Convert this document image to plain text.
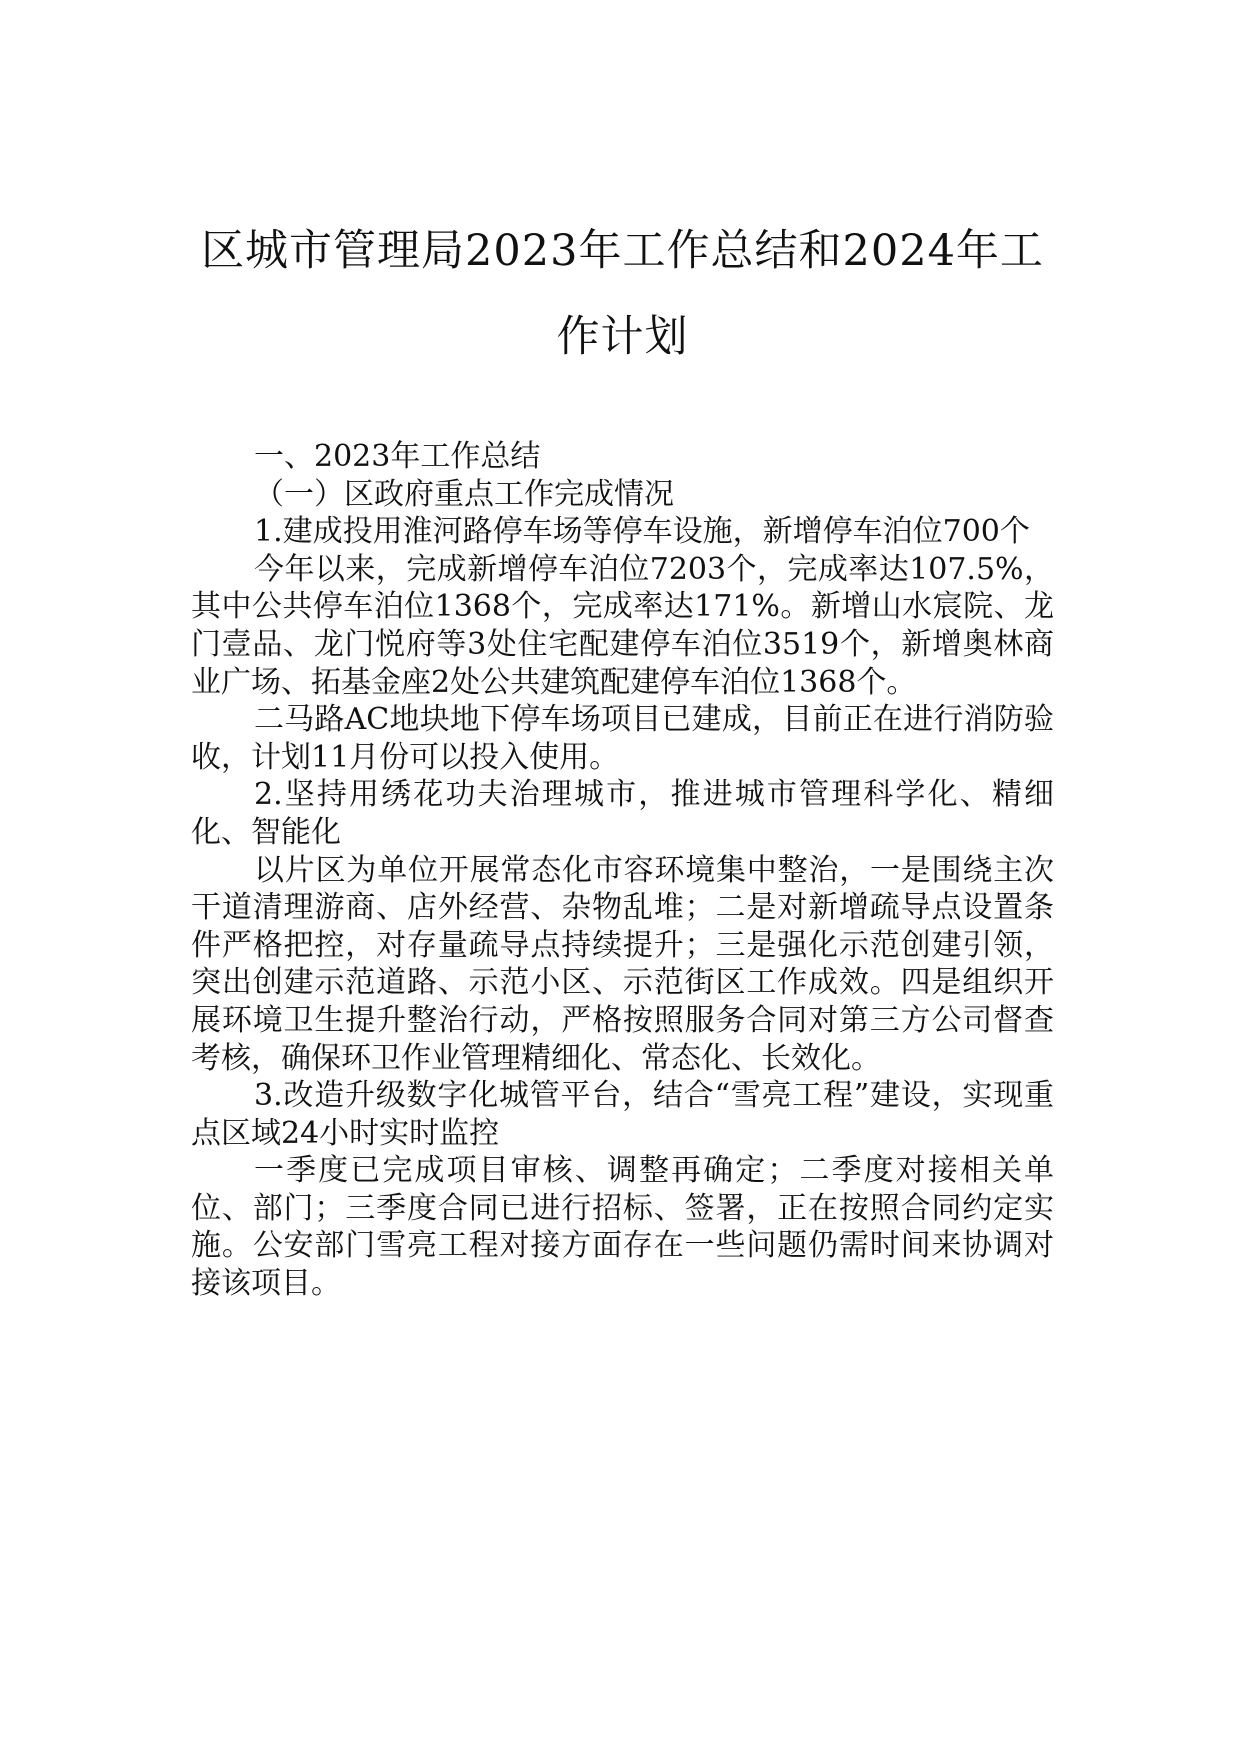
区城市管理局2023年工作总结和2024年工作计划

一、2023年工作总结

（一）区政府重点工作完成情况

1.建成投用淮河路停车场等停车设施，新增停车泊位700个

今年以来，完成新增停车泊位7203个，完成率达107.5%，其中公共停车泊位1368个，完成率达171%。新增山水宸院、龙门壹品、龙门悦府等3处住宅配建停车泊位3519个，新增奥林商业广场、拓基金座2处公共建筑配建停车泊位1368个。

二马路AC地块地下停车场项目已建成，目前正在进行消防验收，计划11月份可以投入使用。

2.坚持用绣花功夫治理城市，推进城市管理科学化、精细化、智能化

以片区为单位开展常态化市容环境集中整治，一是围绕主次干道清理游商、店外经营、杂物乱堆；二是对新增疏导点设置条件严格把控，对存量疏导点持续提升；三是强化示范创建引领，突出创建示范道路、示范小区、示范街区工作成效。四是组织开展环境卫生提升整治行动，严格按照服务合同对第三方公司督查考核，确保环卫作业管理精细化、常态化、长效化。

3.改造升级数字化城管平台，结合“雪亮工程”建设，实现重点区域24小时实时监控

一季度已完成项目审核、调整再确定；二季度对接相关单位、部门；三季度合同已进行招标、签署，正在按照合同约定实施。公安部门雪亮工程对接方面存在一些问题仍需时间来协调对接该项目。
